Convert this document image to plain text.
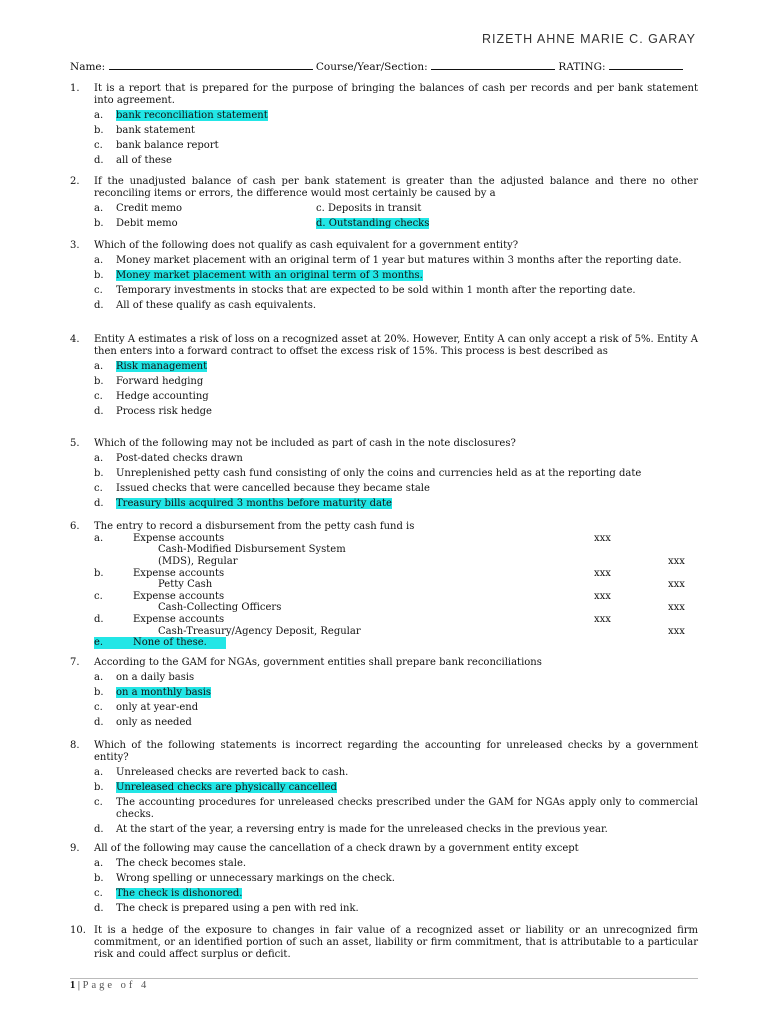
RIZETH AHNE MARIE C. GARAY
Name:	Course/Year/Section:	RATING:
1. It is a report that is prepared for the purpose of bringing the balances of cash per records and per bank statement into agreement.
a. bank reconciliation statement
b. bank statement
c. bank balance report
d. all of these
2. If the unadjusted balance of cash per bank statement is greater than the adjusted balance and there no other reconciling items or errors, the difference would most certainly be caused by a
a. Credit memo	c. Deposits in transit
b. Debit memo	d. Outstanding checks
3. Which of the following does not qualify as cash equivalent for a government entity?
a. Money market placement with an original term of 1 year but matures within 3 months after the reporting date.
b. Money market placement with an original term of 3 months.
c. Temporary investments in stocks that are expected to be sold within 1 month after the reporting date.
d. All of these qualify as cash equivalents.
4. Entity A estimates a risk of loss on a recognized asset at 20%. However, Entity A can only accept a risk of 5%. Entity A then enters into a forward contract to offset the excess risk of 15%. This process is best described as
a. Risk management
b. Forward hedging
c. Hedge accounting
d. Process risk hedge
5. Which of the following may not be included as part of cash in the note disclosures?
a. Post-dated checks drawn
b. Unreplenished petty cash fund consisting of only the coins and currencies held as at the reporting date
c. Issued checks that were cancelled because they became stale
d. Treasury bills acquired 3 months before maturity date
6. The entry to record a disbursement from the petty cash fund is
a.	Expense accounts	xxx
Cash-Modified Disbursement System
(MDS), Regular	xxx
b.	Expense accounts	xxx
Petty Cash	xxx
c.	Expense accounts	xxx
Cash-Collecting Officers	xxx
d.	Expense accounts	xxx
Cash-Treasury/Agency Deposit, Regular	xxx
e.	None of these.
7. According to the GAM for NGAs, government entities shall prepare bank reconciliations
a. on a daily basis
b. on a monthly basis
c. only at year-end
d. only as needed
8. Which of the following statements is incorrect regarding the accounting for unreleased checks by a government entity?
a. Unreleased checks are reverted back to cash.
b. Unreleased checks are physically cancelled
c. The accounting procedures for unreleased checks prescribed under the GAM for NGAs apply only to commercial checks.
d. At the start of the year, a reversing entry is made for the unreleased checks in the previous year.
9. All of the following may cause the cancellation of a check drawn by a government entity except
a. The check becomes stale.
b. Wrong spelling or unnecessary markings on the check.
c. The check is dishonored.
d. The check is prepared using a pen with red ink.
10. It is a hedge of the exposure to changes in fair value of a recognized asset or liability or an unrecognized firm commitment, or an identified portion of such an asset, liability or firm commitment, that is attributable to a particular risk and could affect surplus or deficit.
1 | Page of 4
